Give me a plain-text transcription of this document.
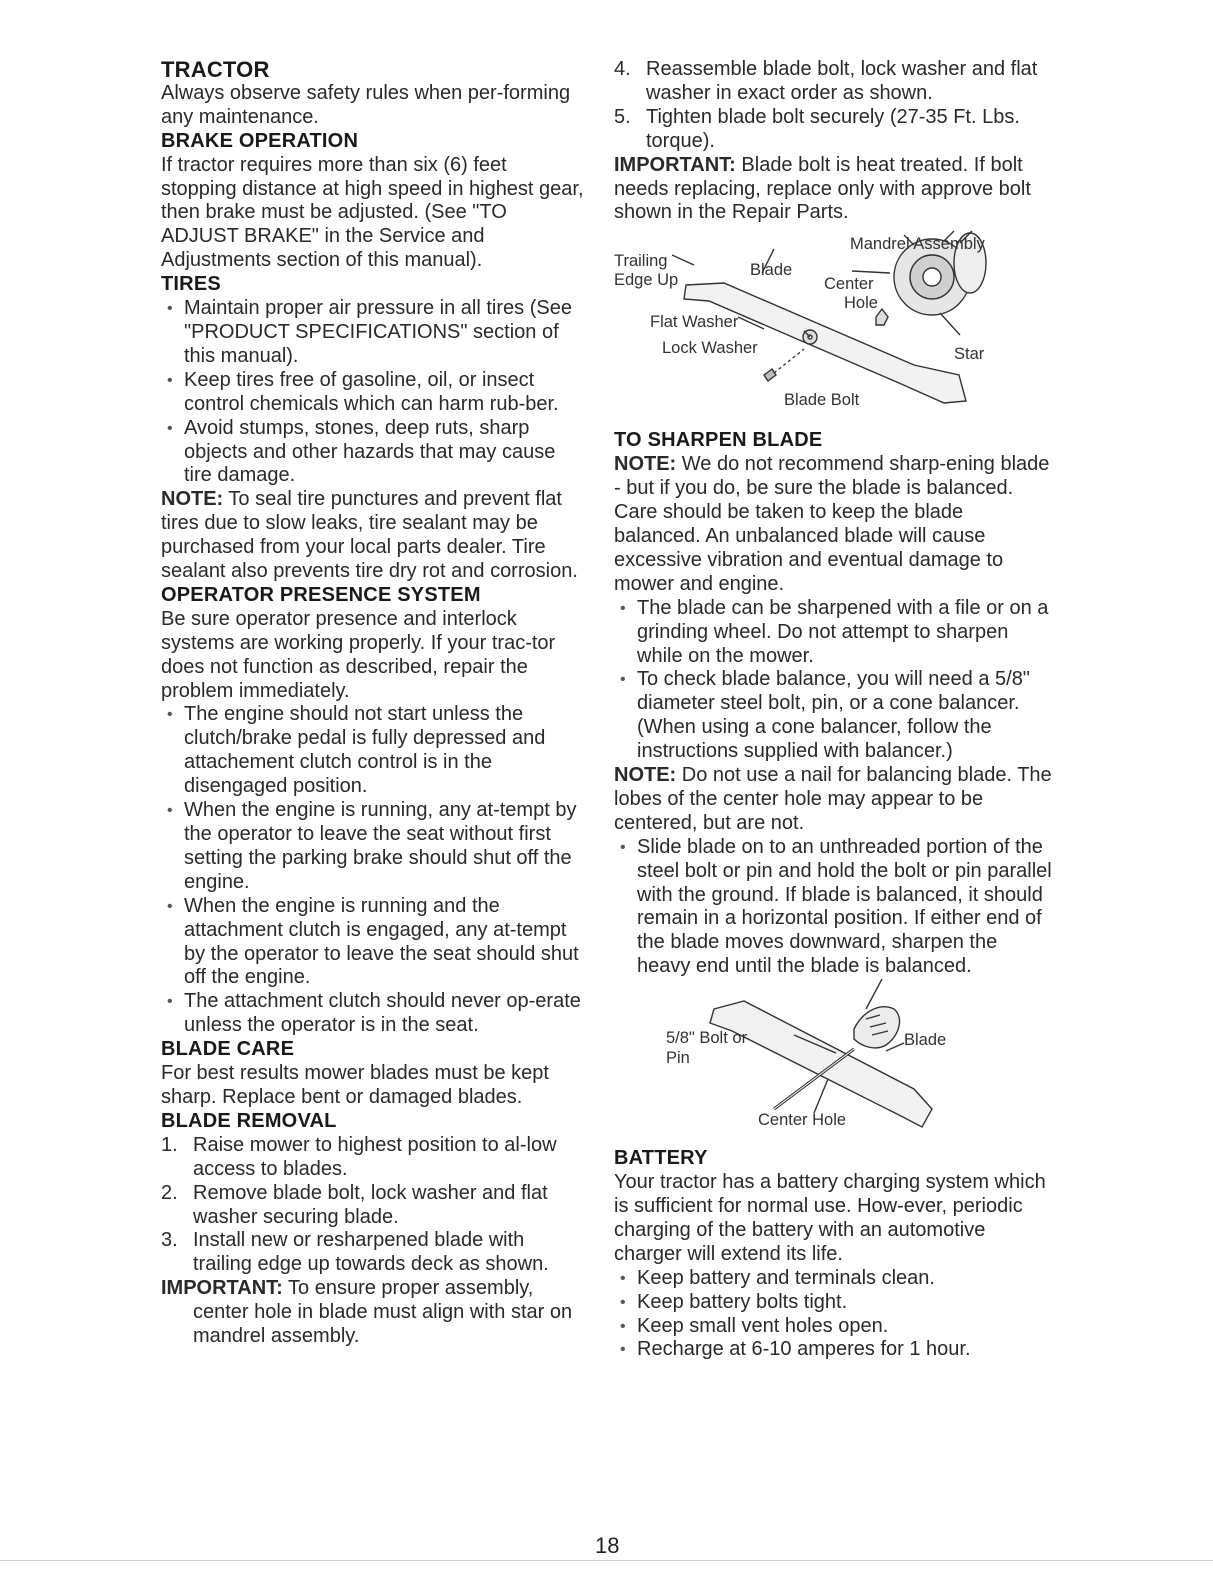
TRACTOR

Always observe safety rules when per-forming any maintenance.

BRAKE OPERATION

If tractor requires more than six (6) feet stopping distance at high speed in highest gear, then brake must be adjusted. (See "TO ADJUST BRAKE" in the Service and Adjustments section of this manual).

TIRES

• Maintain proper air pressure in all tires (See "PRODUCT SPECIFICATIONS" section of this manual).

• Keep tires free of gasoline, oil, or insect control chemicals which can harm rub-ber.

• Avoid stumps, stones, deep ruts, sharp objects and other hazards that may cause tire damage.

NOTE: To seal tire punctures and prevent flat tires due to slow leaks, tire sealant may be purchased from your local parts dealer. Tire sealant also prevents tire dry rot and corrosion.

OPERATOR PRESENCE SYSTEM

Be sure operator presence and interlock systems are working properly. If your trac-tor does not function as described, repair the problem immediately.

• The engine should not start unless the clutch/brake pedal is fully depressed and attachement clutch control is in the disengaged position.

• When the engine is running, any at-tempt by the operator to leave the seat without first setting the parking brake should shut off the engine.

• When the engine is running and the attachment clutch is engaged, any at-tempt by the operator to leave the seat should shut off the engine.

• The attachment clutch should never op-erate unless the operator is in the seat.

BLADE CARE

For best results mower blades must be kept sharp. Replace bent or damaged blades.

BLADE REMOVAL

1. Raise mower to highest position to al-low access to blades.

2. Remove blade bolt, lock washer and flat washer securing blade.

3. Install new or resharpened blade with trailing edge up towards deck as shown.

IMPORTANT: To ensure proper assembly,

center hole in blade must align with star on mandrel assembly.

4. Reassemble blade bolt, lock washer and flat washer in exact order as shown.

5. Tighten blade bolt securely (27-35 Ft. Lbs. torque).

IMPORTANT: Blade bolt is heat treated. If bolt needs replacing, replace only with approve bolt shown in the Repair Parts.

Mandrel Assembly
Trailing
Edge Up
Blade
Center
Hole
Flat Washer
Lock Washer	Star
Blade Bolt

TO SHARPEN BLADE

NOTE: We do not recommend sharp-ening blade - but if you do, be sure the blade is balanced.

Care should be taken to keep the blade balanced. An unbalanced blade will cause excessive vibration and eventual damage to mower and engine.

• The blade can be sharpened with a file or on a grinding wheel. Do not attempt to sharpen while on the mower.

• To check blade balance, you will need a 5/8" diameter steel bolt, pin, or a cone balancer. (When using a cone balancer, follow the instructions supplied with balancer.)

NOTE: Do not use a nail for balancing blade. The lobes of the center hole may appear to be centered, but are not.

• Slide blade on to an unthreaded portion of the steel bolt or pin and hold the bolt or pin parallel with the ground. If blade is balanced, it should remain in a horizontal position. If either end of the blade moves downward, sharpen the heavy end until the blade is balanced.

5/8" Bolt or
Pin
Blade
Center Hole

BATTERY

Your tractor has a battery charging system which is sufficient for normal use. How-ever, periodic charging of the battery with an automotive charger will extend its life.

• Keep battery and terminals clean.

• Keep battery bolts tight.

• Keep small vent holes open.

• Recharge at 6-10 amperes for 1 hour.

18
